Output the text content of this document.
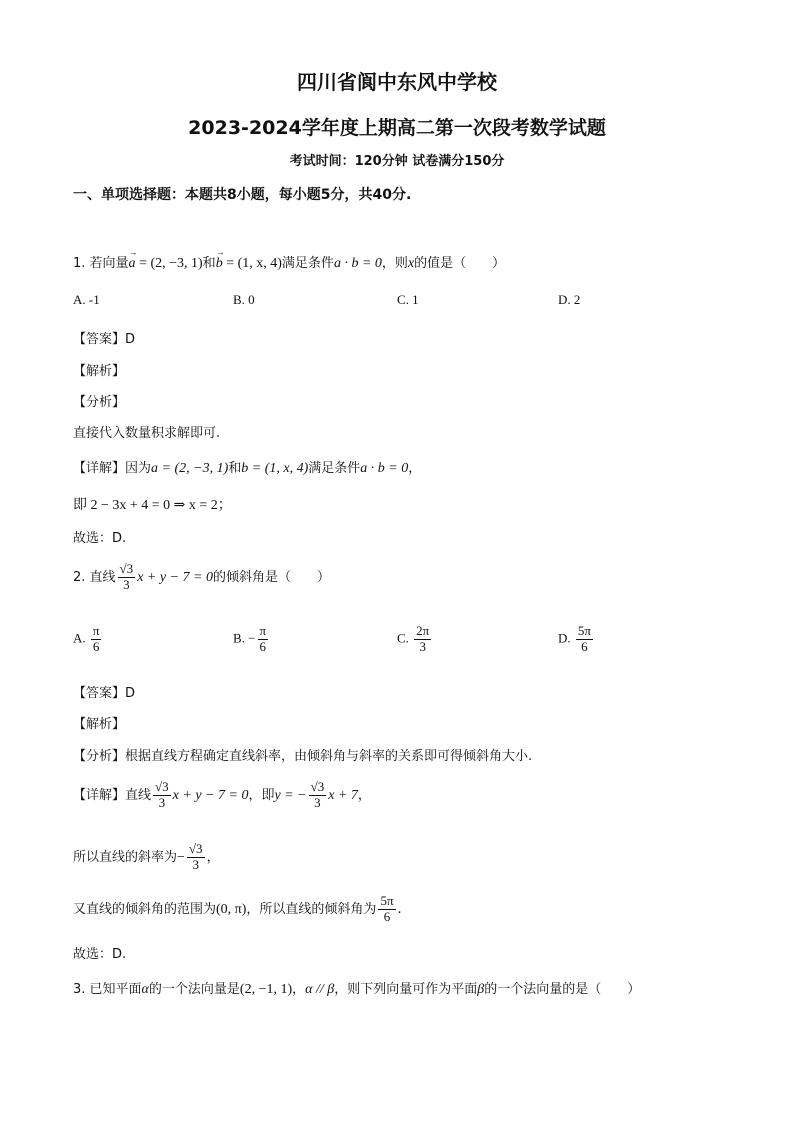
四川省阆中东风中学校
2023-2024学年度上期高二第一次段考数学试题
考试时间：120分钟 试卷满分150分
一、单项选择题：本题共8小题，每小题5分，共40分.
1. 若向量→ a = (2, −3, 1)和→ b = (1, x, 4)满足条件a · b = 0，则x的值是（　　）
A. -1	B. 0	C. 1	D. 2
【答案】D
【解析】
【分析】
直接代入数量积求解即可.
【详解】因为a = (2, −3, 1)和b = (1, x, 4)满足条件a · b = 0，
即 2 − 3x + 4 = 0 ⇒ x = 2；
故选：D.
2. 直线 $\frac{√3}{3}$ x + y − 7 = 0的倾斜角是（　　）
A. $\frac{\pi}{6}$	B. − $\frac{\pi}{6}$	C. $\frac{2\pi}{3}$	D. $\frac{5\pi}{6}$
【答案】D
【解析】
【分析】根据直线方程确定直线斜率，由倾斜角与斜率的关系即可得倾斜角大小.
【详解】直线 $\frac{√3}{3}$ x + y − 7 = 0，即y = − $\frac{√3}{3}$ x + 7，
所以直线的斜率为− $\frac{√3}{3}$ ，
又直线的倾斜角的范围为(0, π)，所以直线的倾斜角为 $\frac{5\pi}{6}$ .
故选：D.
3. 已知平面α的一个法向量是(2, −1, 1)，α // β，则下列向量可作为平面β的一个法向量的是（　　）
